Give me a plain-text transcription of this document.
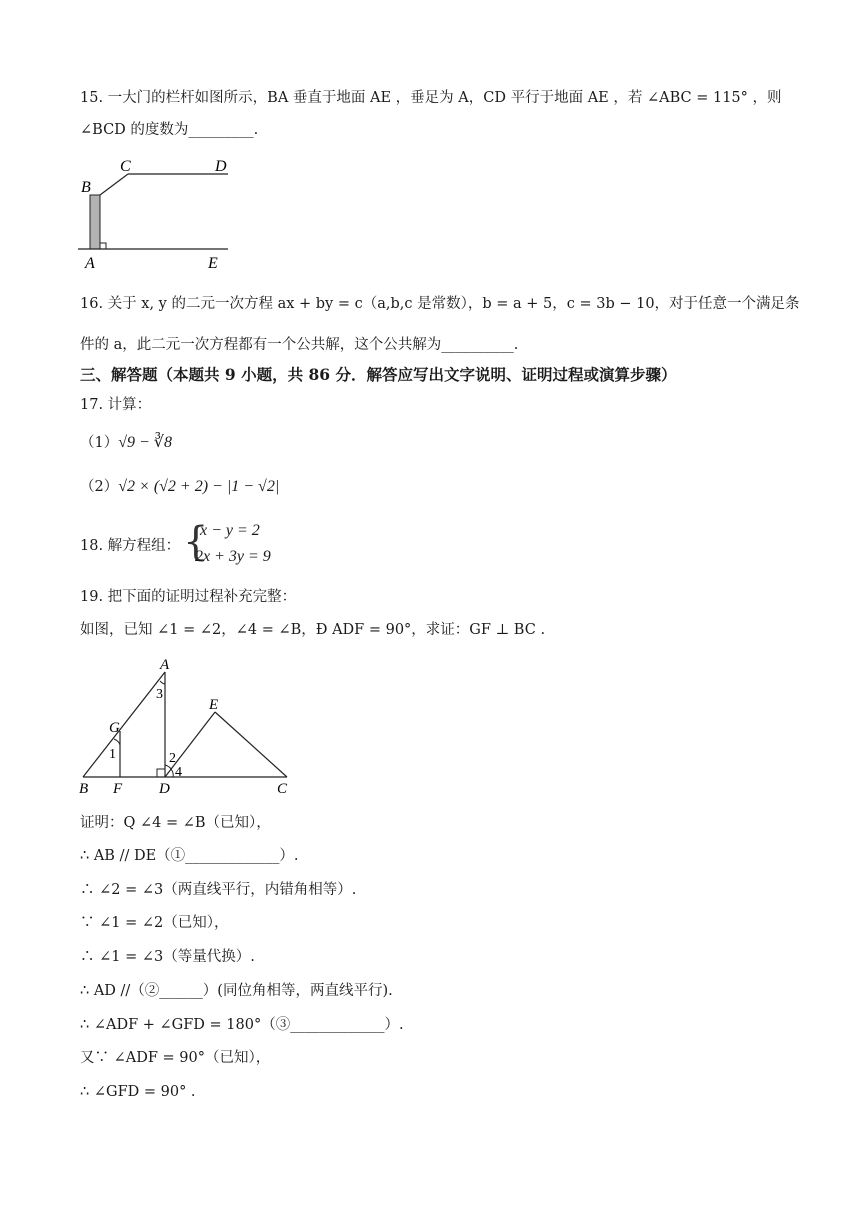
15. 一大门的栏杆如图所示，BA 垂直于地面 AE ，垂足为 A，CD 平行于地面 AE ，若 ∠ABC = 115° ，则
∠BCD 的度数为_________.
B
C	D
A	E
16. 关于 x, y 的二元一次方程 ax + by = c（a,b,c 是常数），b = a + 5，c = 3b − 10，对于任意一个满足条
件的 a，此二元一次方程都有一个公共解，这个公共解为__________.
三、解答题（本题共 9 小题，共 86 分．解答应写出文字说明、证明过程或演算步骤）
17. 计算：
（1）√9 − ∛8
（2）√2 × (√2 + 2) − |1 − √2|
18. 解方程组： {
x − y = 2
2x + 3y = 9
19. 把下面的证明过程补充完整：
如图，已知 ∠1 = ∠2，∠4 = ∠B，Ð ADF = 90°，求证：GF ⊥ BC .
A
G
E
B F D	C
1
3
2
4
证明：Q ∠4 = ∠B（已知），
∴ AB // DE（①_____________）.
∴ ∠2 = ∠3（两直线平行，内错角相等）.
∵ ∠1 = ∠2（已知），
∴ ∠1 = ∠3（等量代换）.
∴ AD //（②______）(同位角相等，两直线平行).
∴ ∠ADF + ∠GFD = 180°（③_____________）.
又∵ ∠ADF = 90°（已知），
∴ ∠GFD = 90° .
